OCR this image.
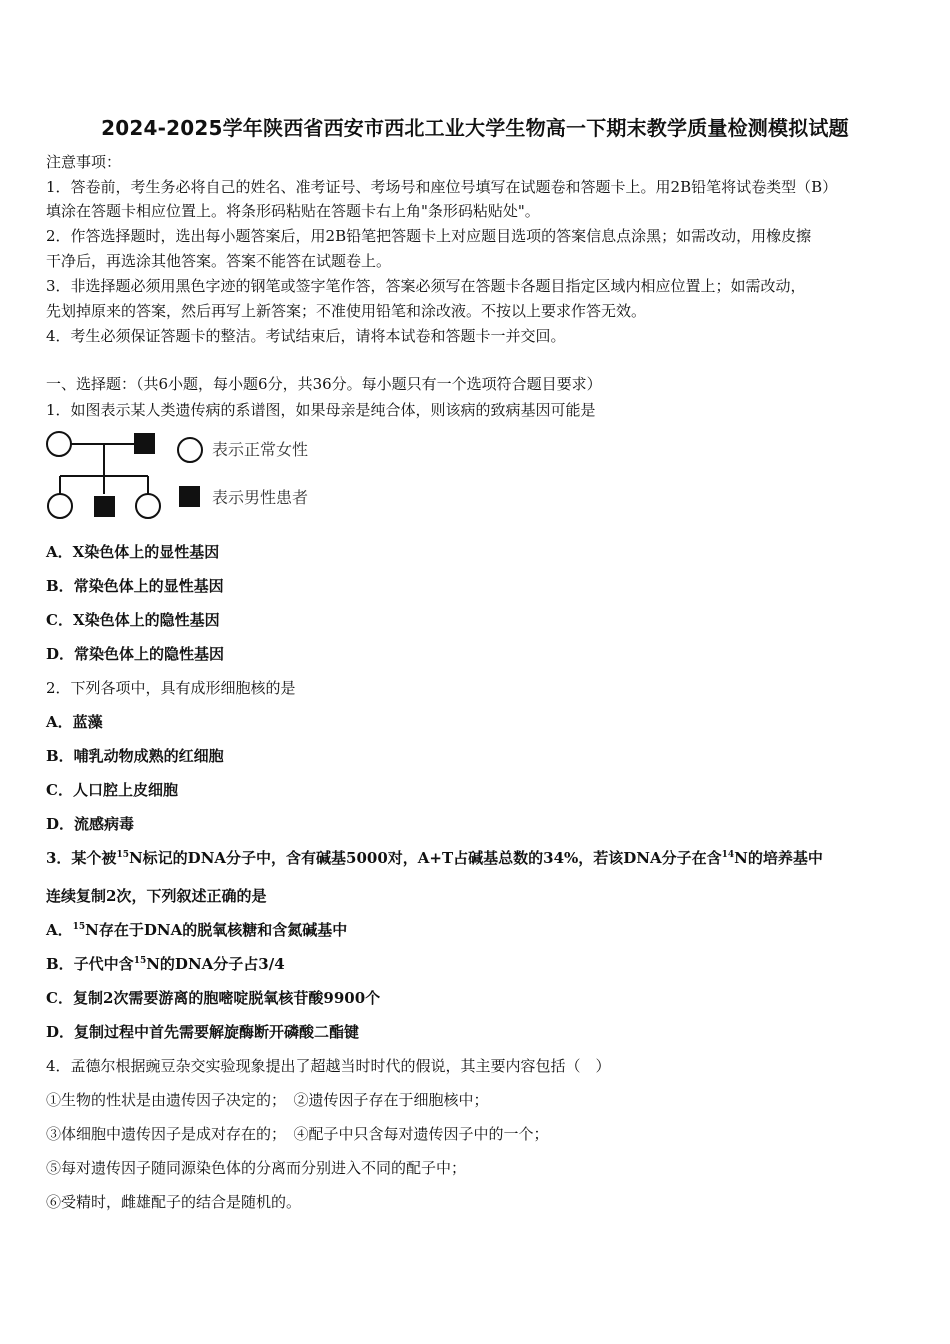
2024-2025学年陕西省西安市西北工业大学生物高一下期末教学质量检测模拟试题
注意事项：
1．答卷前，考生务必将自己的姓名、准考证号、考场号和座位号填写在试题卷和答题卡上。用2B铅笔将试卷类型（B）
填涂在答题卡相应位置上。将条形码粘贴在答题卡右上角"条形码粘贴处"。
2．作答选择题时，选出每小题答案后，用2B铅笔把答题卡上对应题目选项的答案信息点涂黑；如需改动，用橡皮擦
干净后，再选涂其他答案。答案不能答在试题卷上。
3．非选择题必须用黑色字迹的钢笔或签字笔作答，答案必须写在答题卡各题目指定区域内相应位置上；如需改动，
先划掉原来的答案，然后再写上新答案；不准使用铅笔和涂改液。不按以上要求作答无效。
4．考生必须保证答题卡的整洁。考试结束后，请将本试卷和答题卡一并交回。
一、选择题：（共6小题，每小题6分，共36分。每小题只有一个选项符合题目要求）
1．如图表示某人类遗传病的系谱图，如果母亲是纯合体，则该病的致病基因可能是
表示正常女性
表示男性患者
A．X染色体上的显性基因
B．常染色体上的显性基因
C．X染色体上的隐性基因
D．常染色体上的隐性基因
2．下列各项中，具有成形细胞核的是
A．蓝藻
B．哺乳动物成熟的红细胞
C．人口腔上皮细胞
D．流感病毒
3．某个被$^{15}$N标记的DNA分子中，含有碱基5000对，A+T占碱基总数的34%，若该DNA分子在含$^{14}$N的培养基中
连续复制2次，下列叙述正确的是
A．$^{15}$N存在于DNA的脱氧核糖和含氮碱基中
B．子代中含$^{15}$N的DNA分子占3/4
C．复制2次需要游离的胞嘧啶脱氧核苷酸9900个
D．复制过程中首先需要解旋酶断开磷酸二酯键
4．孟德尔根据豌豆杂交实验现象提出了超越当时时代的假说，其主要内容包括（　）
①生物的性状是由遗传因子决定的；　②遗传因子存在于细胞核中；
③体细胞中遗传因子是成对存在的；　④配子中只含每对遗传因子中的一个；
⑤每对遗传因子随同源染色体的分离而分别进入不同的配子中；
⑥受精时，雌雄配子的结合是随机的。
